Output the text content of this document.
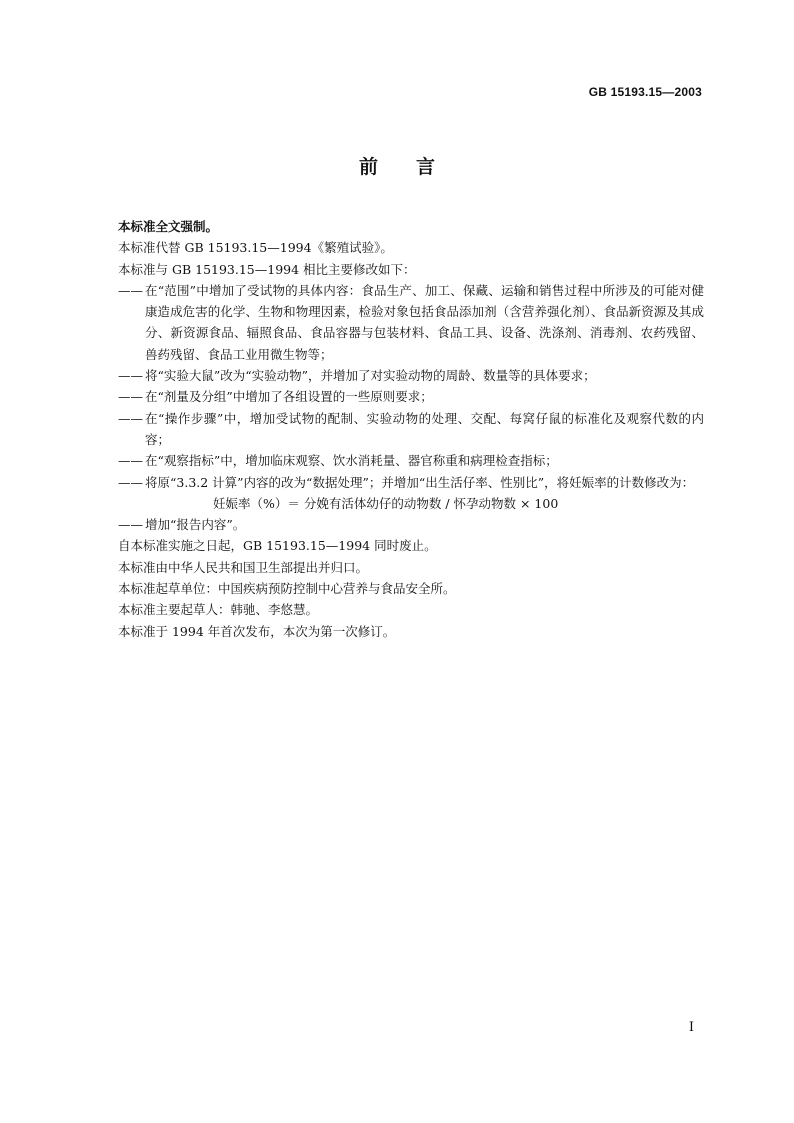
GB 15193.15—2003
前　　言
本标准全文强制。
本标准代替 GB 15193.15—1994《繁殖试验》。
本标准与 GB 15193.15—1994 相比主要修改如下：
—— 在“范围”中增加了受试物的具体内容：食品生产、加工、保藏、运输和销售过程中所涉及的可能对健康造成危害的化学、生物和物理因素，检验对象包括食品添加剂（含营养强化剂）、食品新资源及其成分、新资源食品、辐照食品、食品容器与包装材料、食品工具、设备、洗涤剂、消毒剂、农药残留、兽药残留、食品工业用微生物等；
—— 将“实验大鼠”改为“实验动物”，并增加了对实验动物的周龄、数量等的具体要求；
—— 在“剂量及分组”中增加了各组设置的一些原则要求；
—— 在“操作步骤”中，增加受试物的配制、实验动物的处理、交配、每窝仔鼠的标准化及观察代数的内容；
—— 在“观察指标”中，增加临床观察、饮水消耗量、器官称重和病理检查指标；
—— 将原“3.3.2 计算”内容的改为“数据处理”；并增加“出生活仔率、性别比”，将妊娠率的计数修改为：
妊娠率（%）＝ 分娩有活体幼仔的动物数 / 怀孕动物数 × 100
—— 增加“报告内容”。
自本标准实施之日起，GB 15193.15—1994 同时废止。
本标准由中华人民共和国卫生部提出并归口。
本标准起草单位：中国疾病预防控制中心营养与食品安全所。
本标准主要起草人：韩驰、李悠慧。
本标准于 1994 年首次发布，本次为第一次修订。
I
